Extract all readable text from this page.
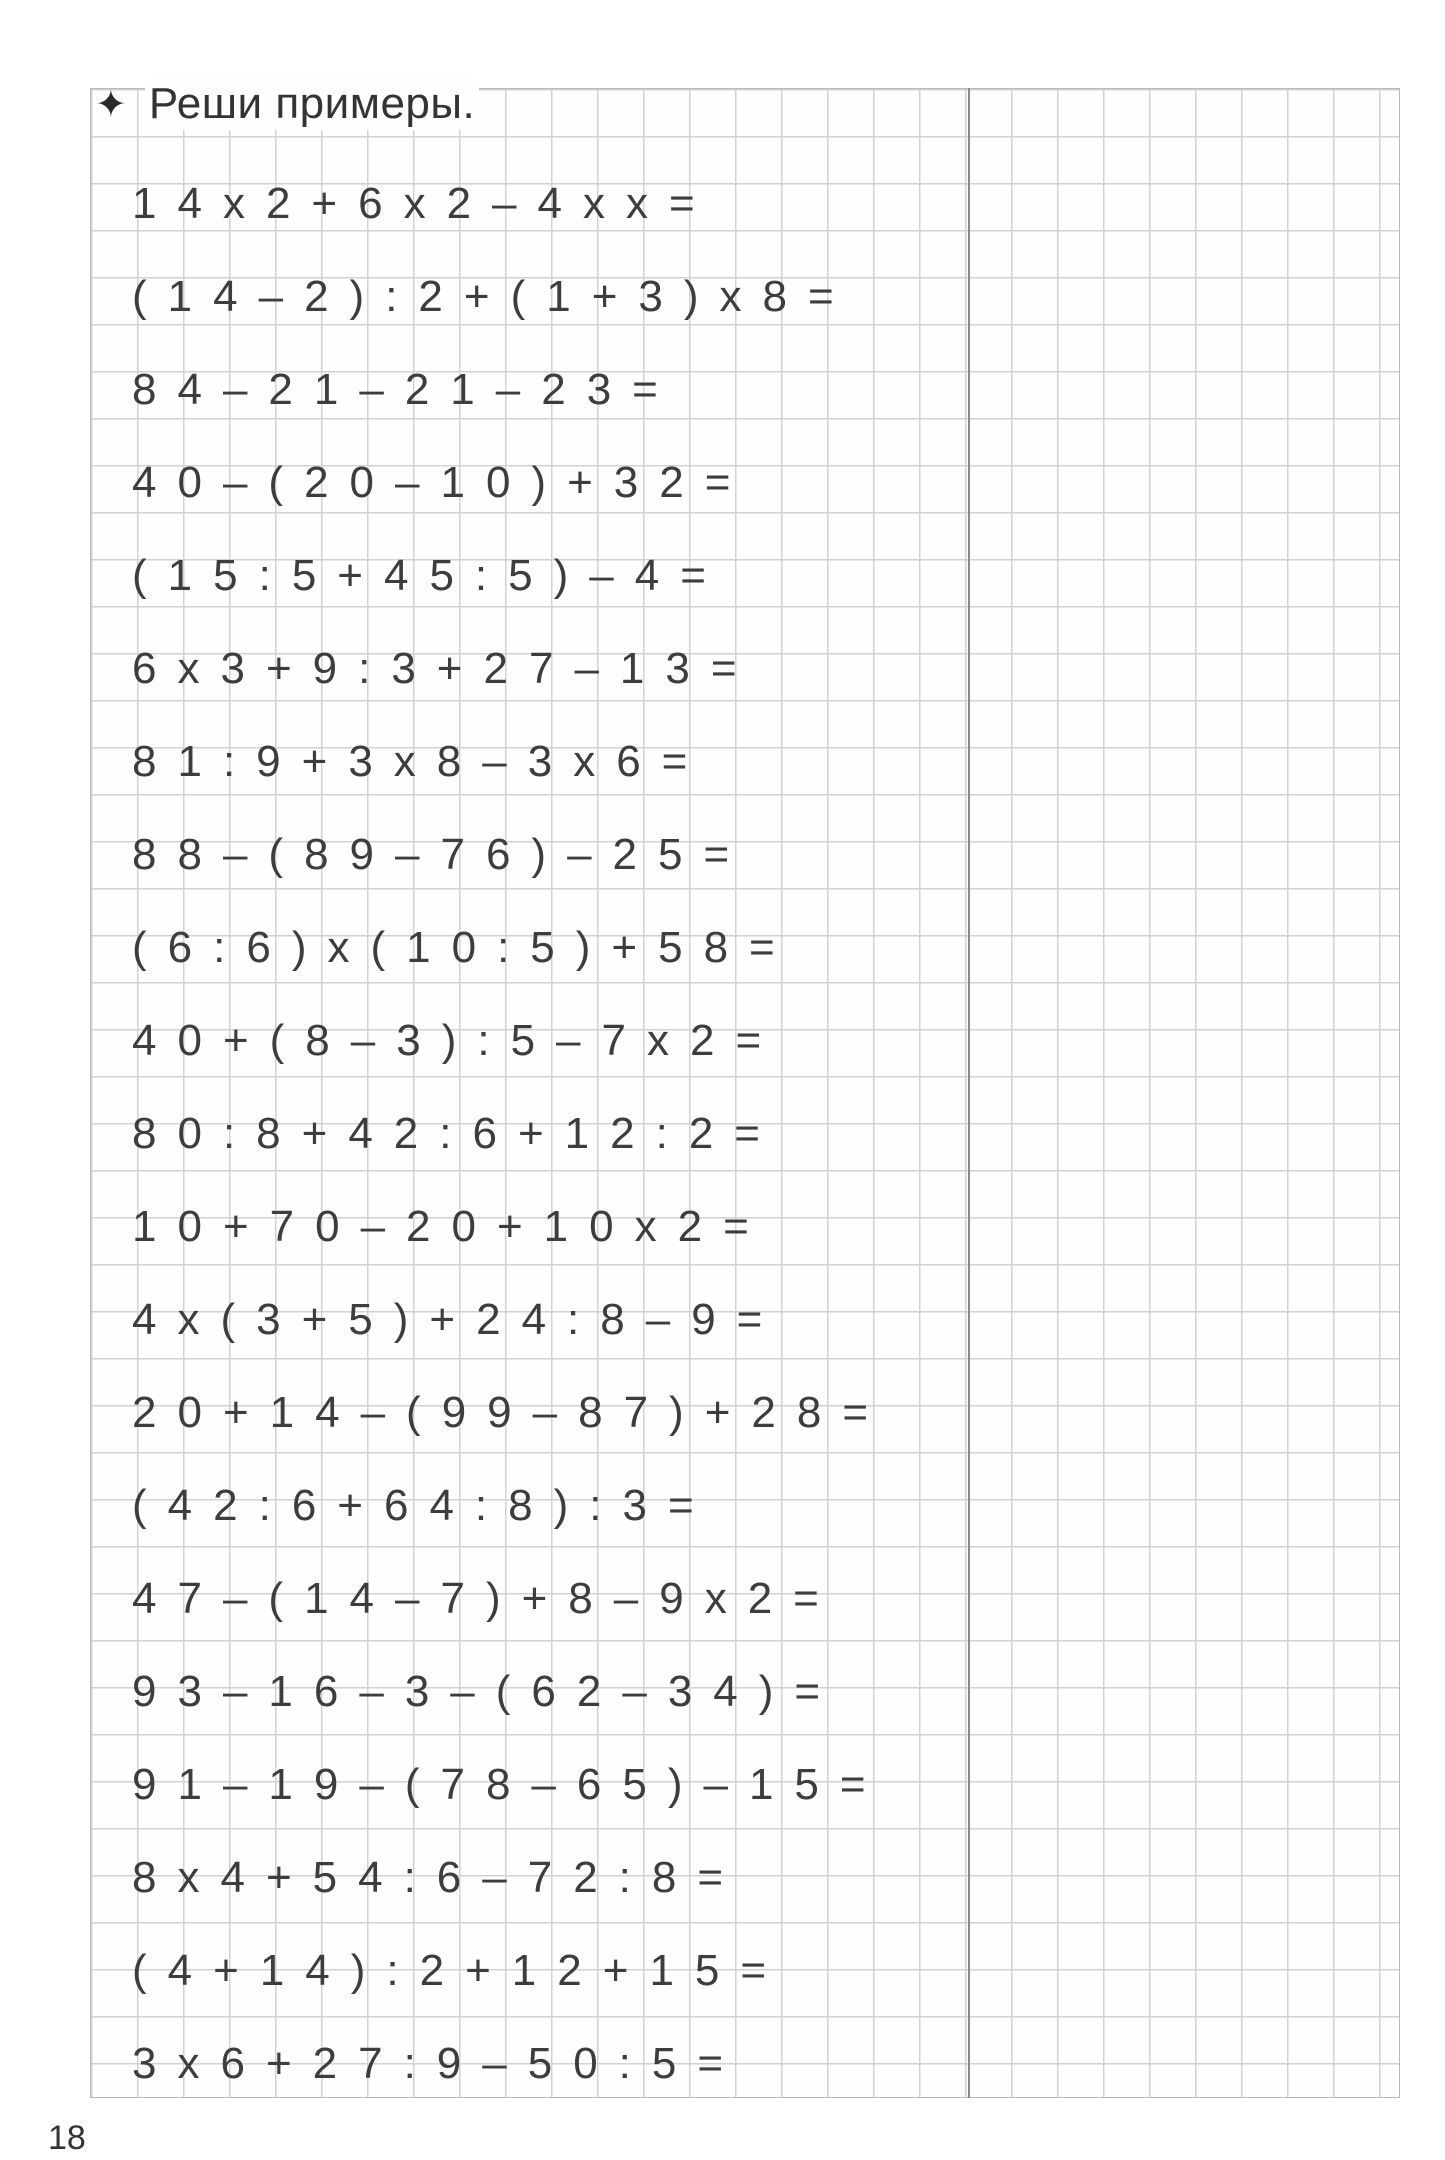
✦ Реши примеры.
14х2+6х2–4хх=
(14–2):2+(1+3)х8=
84–21–21–23=
40–(20–10)+32=
(15:5+45:5)–4=
6х3+9:3+27–13=
81:9+3х8–3х6=
88–(89–76)–25=
(6:6)х(10:5)+58=
40+(8–3):5–7х2=
80:8+42:6+12:2=
10+70–20+10х2=
4х(3+5)+24:8–9=
20+14–(99–87)+28=
(42:6+64:8):3=
47–(14–7)+8–9х2=
93–16–3–(62–34)=
91–19–(78–65)–15=
8х4+54:6–72:8=
(4+14):2+12+15=
3х6+27:9–50:5=
18
